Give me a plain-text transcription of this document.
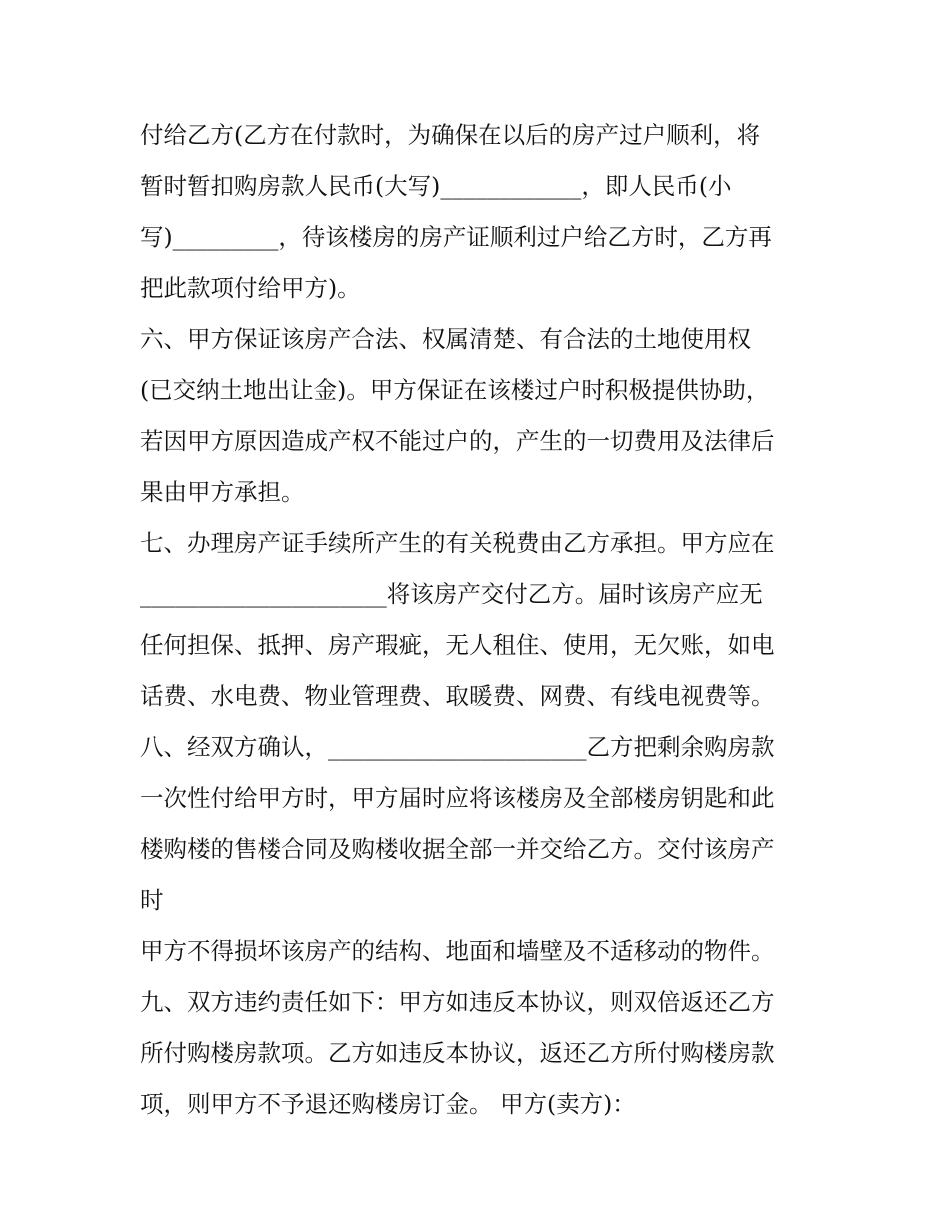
付给乙方(乙方在付款时，为确保在以后的房产过户顺利，将
暂时暂扣购房款人民币(大写)____________，即人民币(小
写)_________，待该楼房的房产证顺利过户给乙方时，乙方再
把此款项付给甲方)。
六、甲方保证该房产合法、权属清楚、有合法的土地使用权
(已交纳土地出让金)。甲方保证在该楼过户时积极提供协助，
若因甲方原因造成产权不能过户的，产生的一切费用及法律后
果由甲方承担。
七、办理房产证手续所产生的有关税费由乙方承担。甲方应在
_____________________将该房产交付乙方。届时该房产应无
任何担保、抵押、房产瑕疵，无人租住、使用，无欠账，如电
话费、水电费、物业管理费、取暖费、网费、有线电视费等。
八、经双方确认，______________________乙方把剩余购房款
一次性付给甲方时，甲方届时应将该楼房及全部楼房钥匙和此
楼购楼的售楼合同及购楼收据全部一并交给乙方。交付该房产
时
甲方不得损坏该房产的结构、地面和墙壁及不适移动的物件。
九、双方违约责任如下：甲方如违反本协议，则双倍返还乙方
所付购楼房款项。乙方如违反本协议，返还乙方所付购楼房款
项，则甲方不予退还购楼房订金。 甲方(卖方)：
